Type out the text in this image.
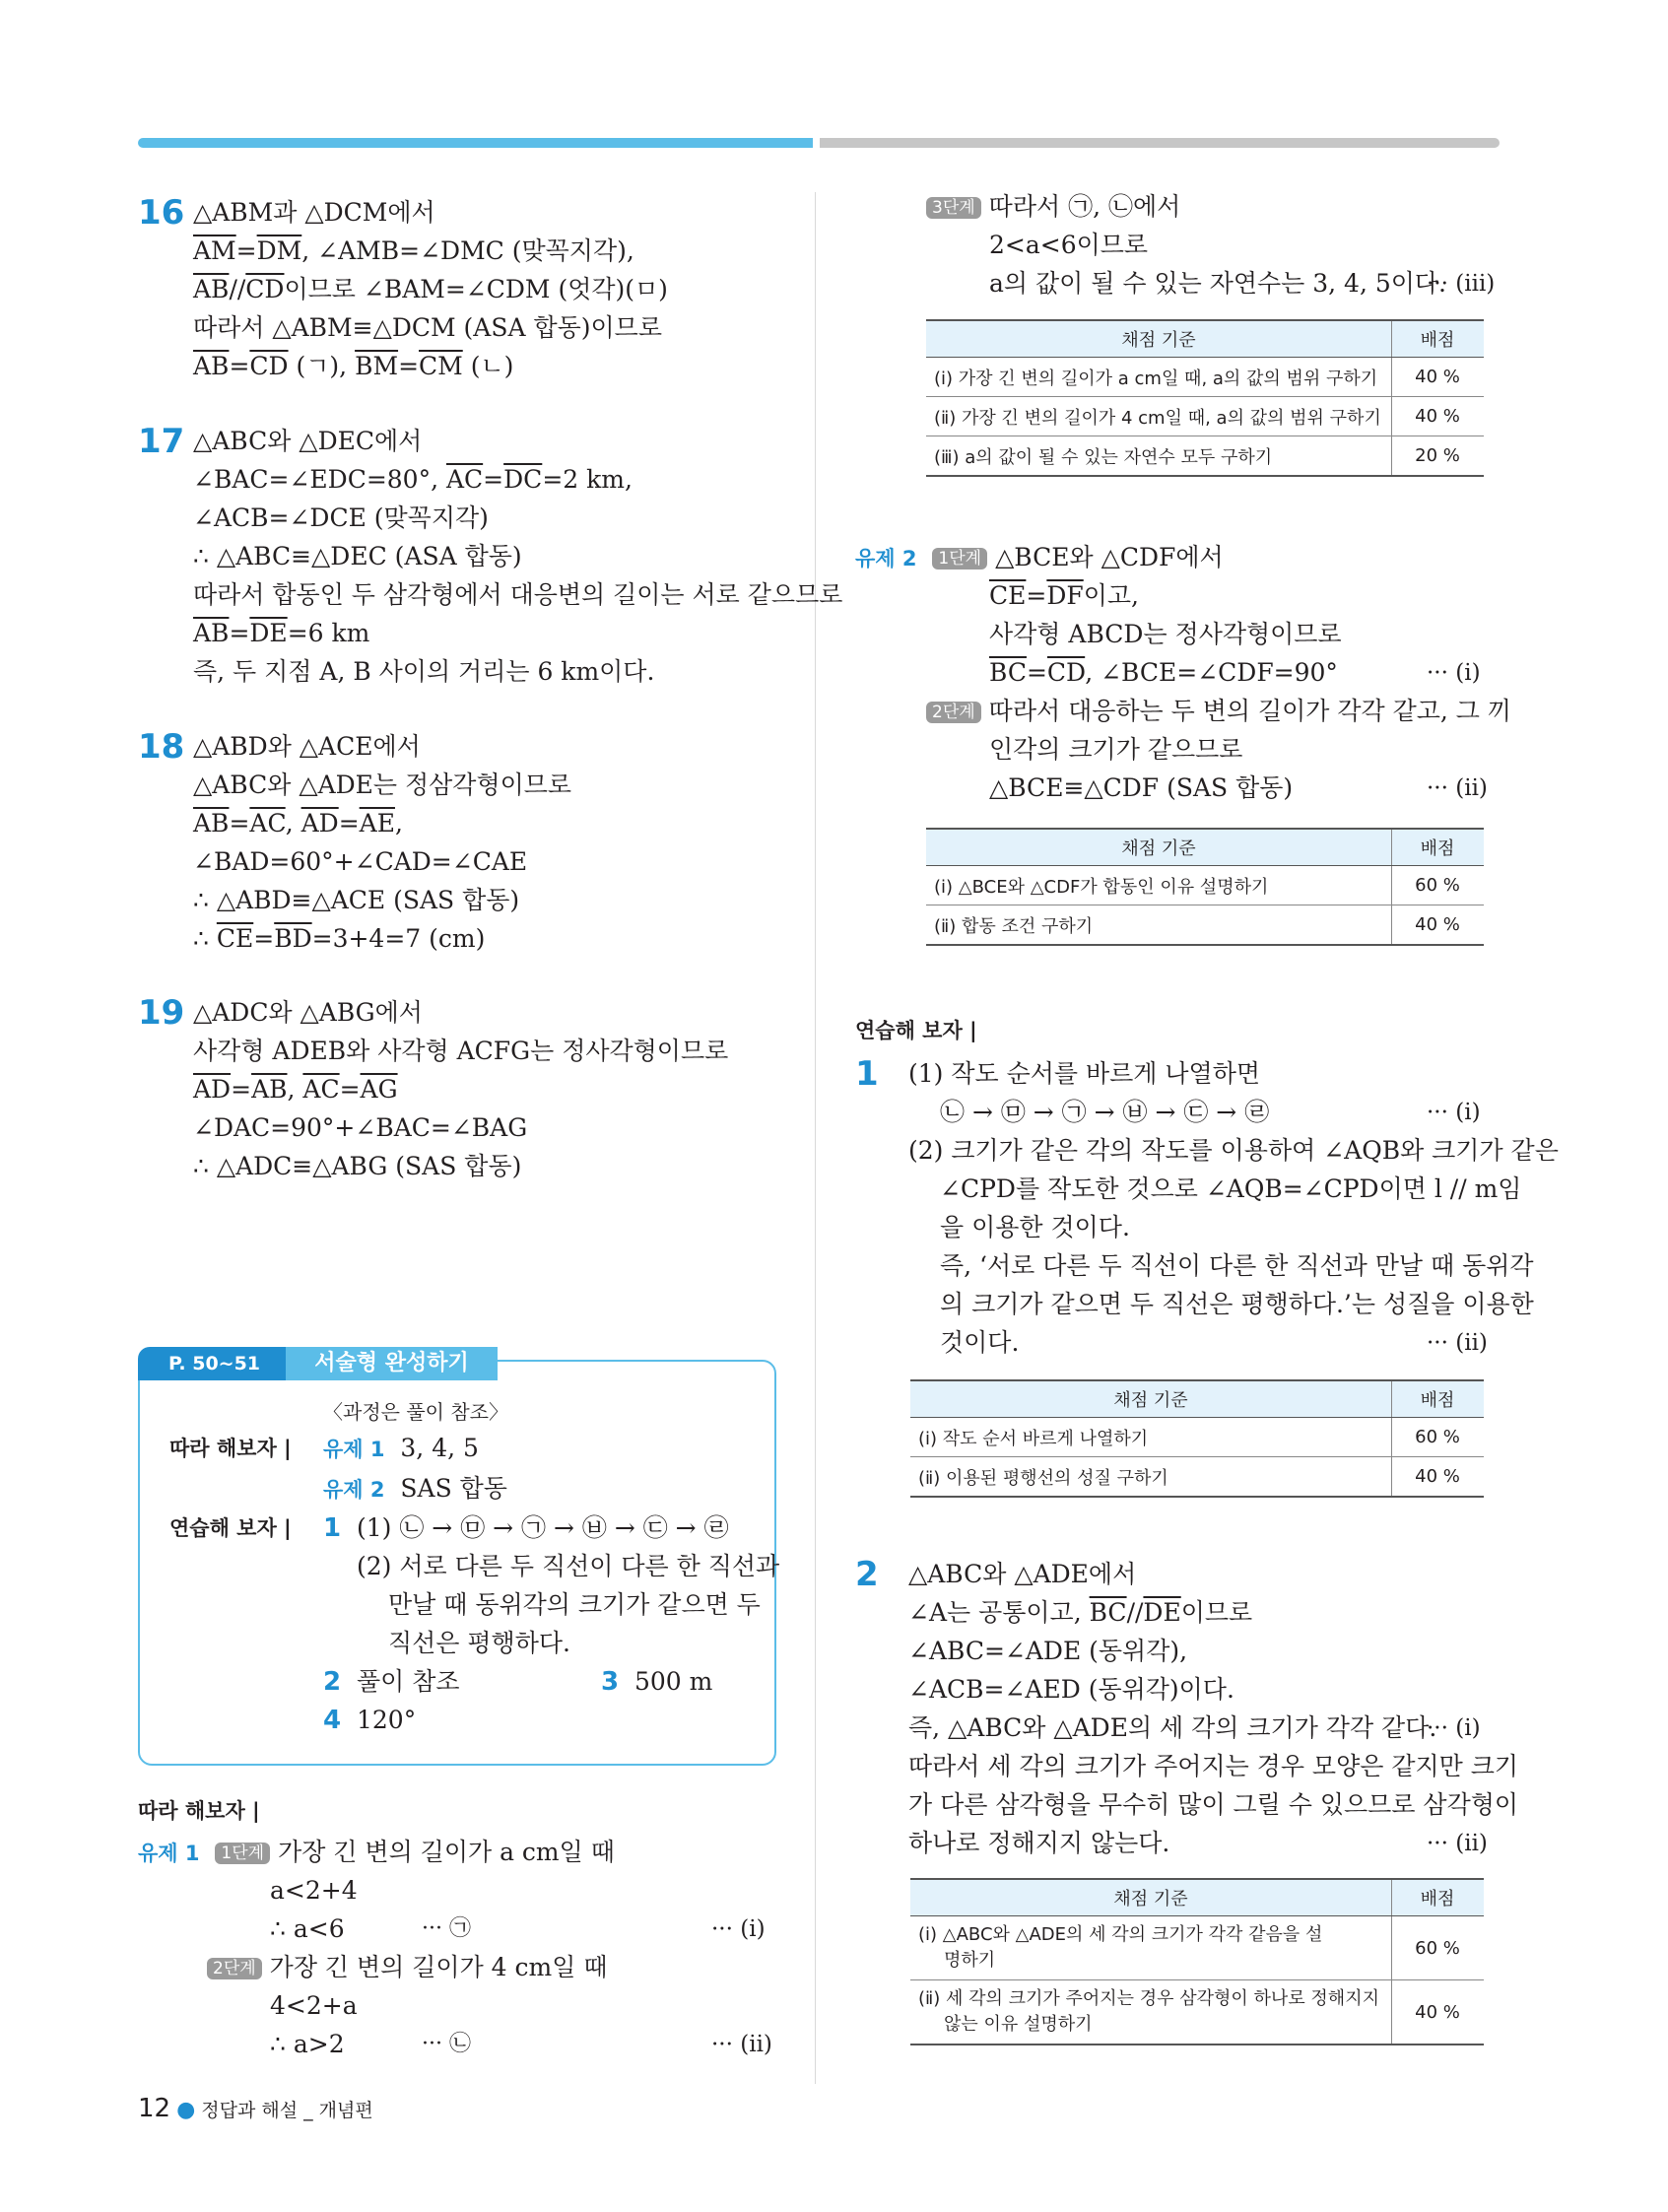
16 △ABM과 △DCM에서
$\overline{AM}=\overline{DM}$, ∠AMB=∠DMC (맞꼭지각),
$\overline{AB}//\overline{CD}$이므로 ∠BAM=∠CDM (엇각)(ㅁ)
따라서 △ABM≡△DCM (ASA 합동)이므로
$\overline{AB}=\overline{CD}$ (ㄱ), $\overline{BM}=\overline{CM}$ (ㄴ)
17 △ABC와 △DEC에서
∠BAC=∠EDC=80°, $\overline{AC}=\overline{DC}=2$ km,
∠ACB=∠DCE (맞꼭지각)
∴ △ABC≡△DEC (ASA 합동)
따라서 합동인 두 삼각형에서 대응변의 길이는 서로 같으므로
$\overline{AB}=\overline{DE}=6$ km
즉, 두 지점 A, B 사이의 거리는 6 km이다.
18 △ABD와 △ACE에서
△ABC와 △ADE는 정삼각형이므로
$\overline{AB}=\overline{AC}$, $\overline{AD}=\overline{AE}$,
∠BAD=60°+∠CAD=∠CAE
∴ △ABD≡△ACE (SAS 합동)
∴ $\overline{CE}=\overline{BD}=3+4=7$ (cm)
19 △ADC와 △ABG에서
사각형 ADEB와 사각형 ACFG는 정사각형이므로
$\overline{AD}=\overline{AB}$, $\overline{AC}=\overline{AG}$
∠DAC=90°+∠BAC=∠BAG
∴ △ADC≡△ABG (SAS 합동)
P. 50~51	서술형 완성하기
〈과정은 풀이 참조〉
따라 해보자 | 유제 1 3, 4, 5
유제 2 SAS 합동
연습해 보자 | 1 (1) ㉡ → ㉤ → ㉠ → ㉥ → ㉢ → ㉣
(2) 서로 다른 두 직선이 다른 한 직선과
만날 때 동위각의 크기가 같으면 두
직선은 평행하다.
2 풀이 참조	3 500 m
4 120°
따라 해보자 |
유제 1 1단계 가장 긴 변의 길이가 a cm일 때
a<2+4
∴ a<6	··· ㉠	··· (ⅰ)
2단계 가장 긴 변의 길이가 4 cm일 때
4<2+a
∴ a>2	··· ㉡	··· (ⅱ)
3단계 따라서 ㉠, ㉡에서
2<a<6이므로
a의 값이 될 수 있는 자연수는 3, 4, 5이다.
··· (ⅲ)
채점 기준	배점
(ⅰ) 가장 긴 변의 길이가 a cm일 때, a의 값의 범위 구하기	40 %
(ⅱ) 가장 긴 변의 길이가 4 cm일 때, a의 값의 범위 구하기	40 %
(ⅲ) a의 값이 될 수 있는 자연수 모두 구하기	20 %
유제 2 1단계 △BCE와 △CDF에서
$\overline{CE}=\overline{DF}$이고,
사각형 ABCD는 정사각형이므로
$\overline{BC}=\overline{CD}$, ∠BCE=∠CDF=90°	··· (ⅰ)
2단계 따라서 대응하는 두 변의 길이가 각각 같고, 그 끼
인각의 크기가 같으므로
△BCE≡△CDF (SAS 합동)	··· (ⅱ)
채점 기준	배점
(ⅰ) △BCE와 △CDF가 합동인 이유 설명하기	60 %
(ⅱ) 합동 조건 구하기	40 %
연습해 보자 |
1 (1) 작도 순서를 바르게 나열하면
㉡ → ㉤ → ㉠ → ㉥ → ㉢ → ㉣	··· (ⅰ)
(2) 크기가 같은 각의 작도를 이용하여 ∠AQB와 크기가 같은
∠CPD를 작도한 것으로 ∠AQB=∠CPD이면 l // m임
을 이용한 것이다.
즉, ‘서로 다른 두 직선이 다른 한 직선과 만날 때 동위각
의 크기가 같으면 두 직선은 평행하다.’는 성질을 이용한
것이다.	··· (ⅱ)
채점 기준	배점
(ⅰ) 작도 순서 바르게 나열하기	60 %
(ⅱ) 이용된 평행선의 성질 구하기	40 %
2 △ABC와 △ADE에서
∠A는 공통이고, $\overline{BC}//\overline{DE}$이므로
∠ABC=∠ADE (동위각),
∠ACB=∠AED (동위각)이다.
즉, △ABC와 △ADE의 세 각의 크기가 각각 같다.
··· (ⅰ)
따라서 세 각의 크기가 주어지는 경우 모양은 같지만 크기
가 다른 삼각형을 무수히 많이 그릴 수 있으므로 삼각형이
하나로 정해지지 않는다.	··· (ⅱ)
채점 기준	배점
(ⅰ) △ABC와 △ADE의 세 각의 크기가 각각 같음을 설
명하기	60 %
(ⅱ) 세 각의 크기가 주어지는 경우 삼각형이 하나로 정해지지
않는 이유 설명하기	40 %
12 ● 정답과 해설 _ 개념편
